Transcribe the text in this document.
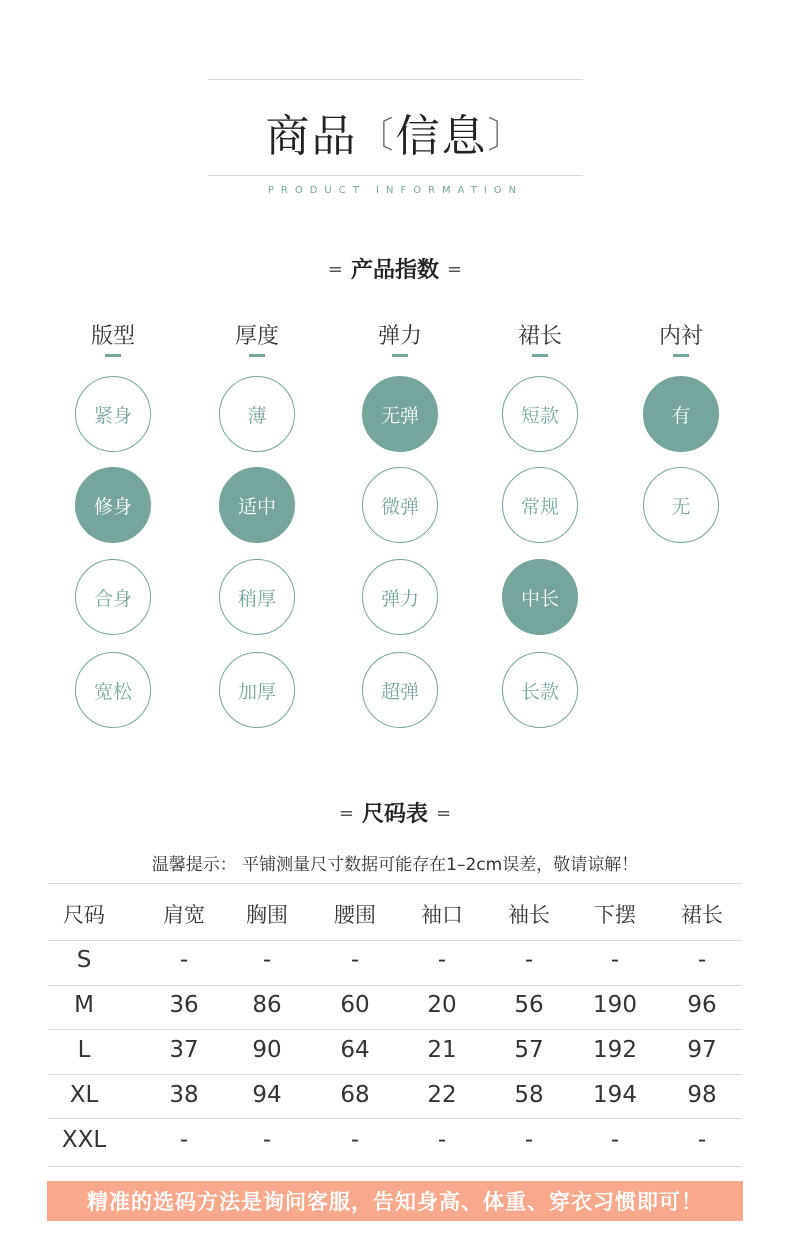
商品〔信息〕
PRODUCT INFORMATION
= 产品指数 =
= 尺码表 =
温馨提示： 平铺测量尺寸数据可能存在1–2cm误差，敬请谅解！
精准的选码方法是询问客服，告知身高、体重、穿衣习惯即可！
版型
紧身
修身
合身
宽松
厚度
薄
适中
稍厚
加厚
弹力
无弹
微弹
弹力
超弹
裙长
短款
常规
中长
长款
内衬
有
无
尺码	肩宽	胸围	腰围	袖口	袖长	下摆	裙长
S	-	-	-	-	-	-	-
M	36	86	60	20	56	190	96
L	37	90	64	21	57	192	97
XL	38	94	68	22	58	194	98
XXL	-	-	-	-	-	-	-
